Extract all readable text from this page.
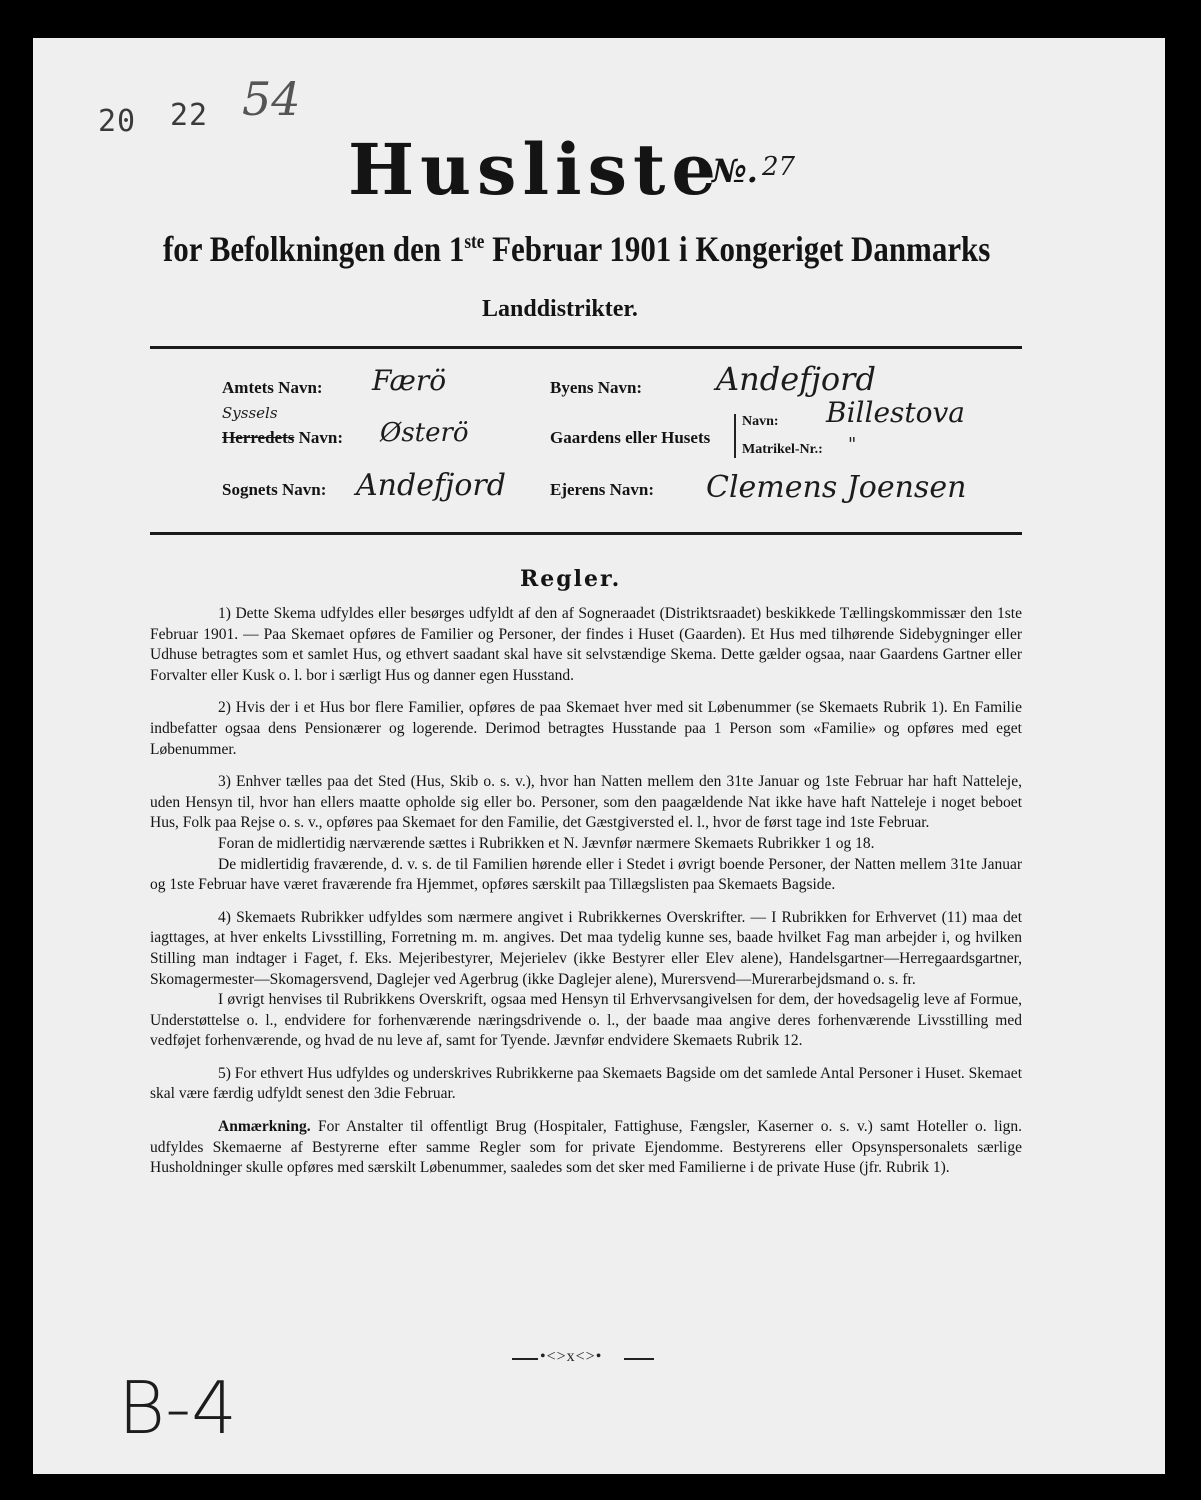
20 22 54
Husliste
№. 27
for Befolkningen den 1ste Februar 1901 i Kongeriget Danmarks
Landdistrikter.
Amtets Navn: Færö
Syssels
Herredets Navn: Østerö
Sognets Navn: Andefjord
Byens Navn: Andefjord
Gaardens eller Husets
Navn: Billestova
Matrikel-Nr.: "
Ejerens Navn: Clemens Joensen
Regler.

1) Dette Skema udfyldes eller besørges udfyldt af den af Sogneraadet (Distriktsraadet) beskikkede Tællingskommissær den 1ste Februar 1901. — Paa Skemaet opføres de Familier og Personer, der findes i Huset (Gaarden). Et Hus med tilhørende Sidebygninger eller Udhuse betragtes som et samlet Hus, og ethvert saadant skal have sit selvstændige Skema. Dette gælder ogsaa, naar Gaardens Gartner eller Forvalter eller Kusk o. l. bor i særligt Hus og danner egen Husstand.

2) Hvis der i et Hus bor flere Familier, opføres de paa Skemaet hver med sit Løbenummer (se Skemaets Rubrik 1). En Familie indbefatter ogsaa dens Pensionærer og logerende. Derimod betragtes Husstande paa 1 Person som «Familie» og opføres med eget Løbenummer.

3) Enhver tælles paa det Sted (Hus, Skib o. s. v.), hvor han Natten mellem den 31te Januar og 1ste Februar har haft Natteleje, uden Hensyn til, hvor han ellers maatte opholde sig eller bo. Personer, som den paagældende Nat ikke have haft Natteleje i noget beboet Hus, Folk paa Rejse o. s. v., opføres paa Skemaet for den Familie, det Gæstgiversted el. l., hvor de først tage ind 1ste Februar.

Foran de midlertidig nærværende sættes i Rubrikken et N. Jævnfør nærmere Skemaets Rubrikker 1 og 18.

De midlertidig fraværende, d. v. s. de til Familien hørende eller i Stedet i øvrigt boende Personer, der Natten mellem 31te Januar og 1ste Februar have været fraværende fra Hjemmet, opføres særskilt paa Tillægslisten paa Skemaets Bagside.

4) Skemaets Rubrikker udfyldes som nærmere angivet i Rubrikkernes Overskrifter. — I Rubrikken for Erhvervet (11) maa det iagttages, at hver enkelts Livsstilling, Forretning m. m. angives. Det maa tydelig kunne ses, baade hvilket Fag man arbejder i, og hvilken Stilling man indtager i Faget, f. Eks. Mejeribestyrer, Mejerielev (ikke Bestyrer eller Elev alene), Handelsgartner—Herregaardsgartner, Skomagermester—Skomagersvend, Daglejer ved Agerbrug (ikke Daglejer alene), Murersvend—Murerarbejdsmand o. s. fr.

I øvrigt henvises til Rubrikkens Overskrift, ogsaa med Hensyn til Erhvervsangivelsen for dem, der hovedsagelig leve af Formue, Understøttelse o. l., endvidere for forhenværende næringsdrivende o. l., der baade maa angive deres forhenværende Livsstilling med vedføjet forhenværende, og hvad de nu leve af, samt for Tyende. Jævnfør endvidere Skemaets Rubrik 12.

5) For ethvert Hus udfyldes og underskrives Rubrikkerne paa Skemaets Bagside om det samlede Antal Personer i Huset. Skemaet skal være færdig udfyldt senest den 3die Februar.

Anmærkning. For Anstalter til offentligt Brug (Hospitaler, Fattighuse, Fængsler, Kaserner o. s. v.) samt Hoteller o. lign. udfyldes Skemaerne af Bestyrerne efter samme Regler som for private Ejendomme. Bestyrerens eller Opsynspersonalets særlige Husholdninger skulle opføres med særskilt Løbenummer, saaledes som det sker med Familierne i de private Huse (jfr. Rubrik 1).

•<>x<>•
B-4
